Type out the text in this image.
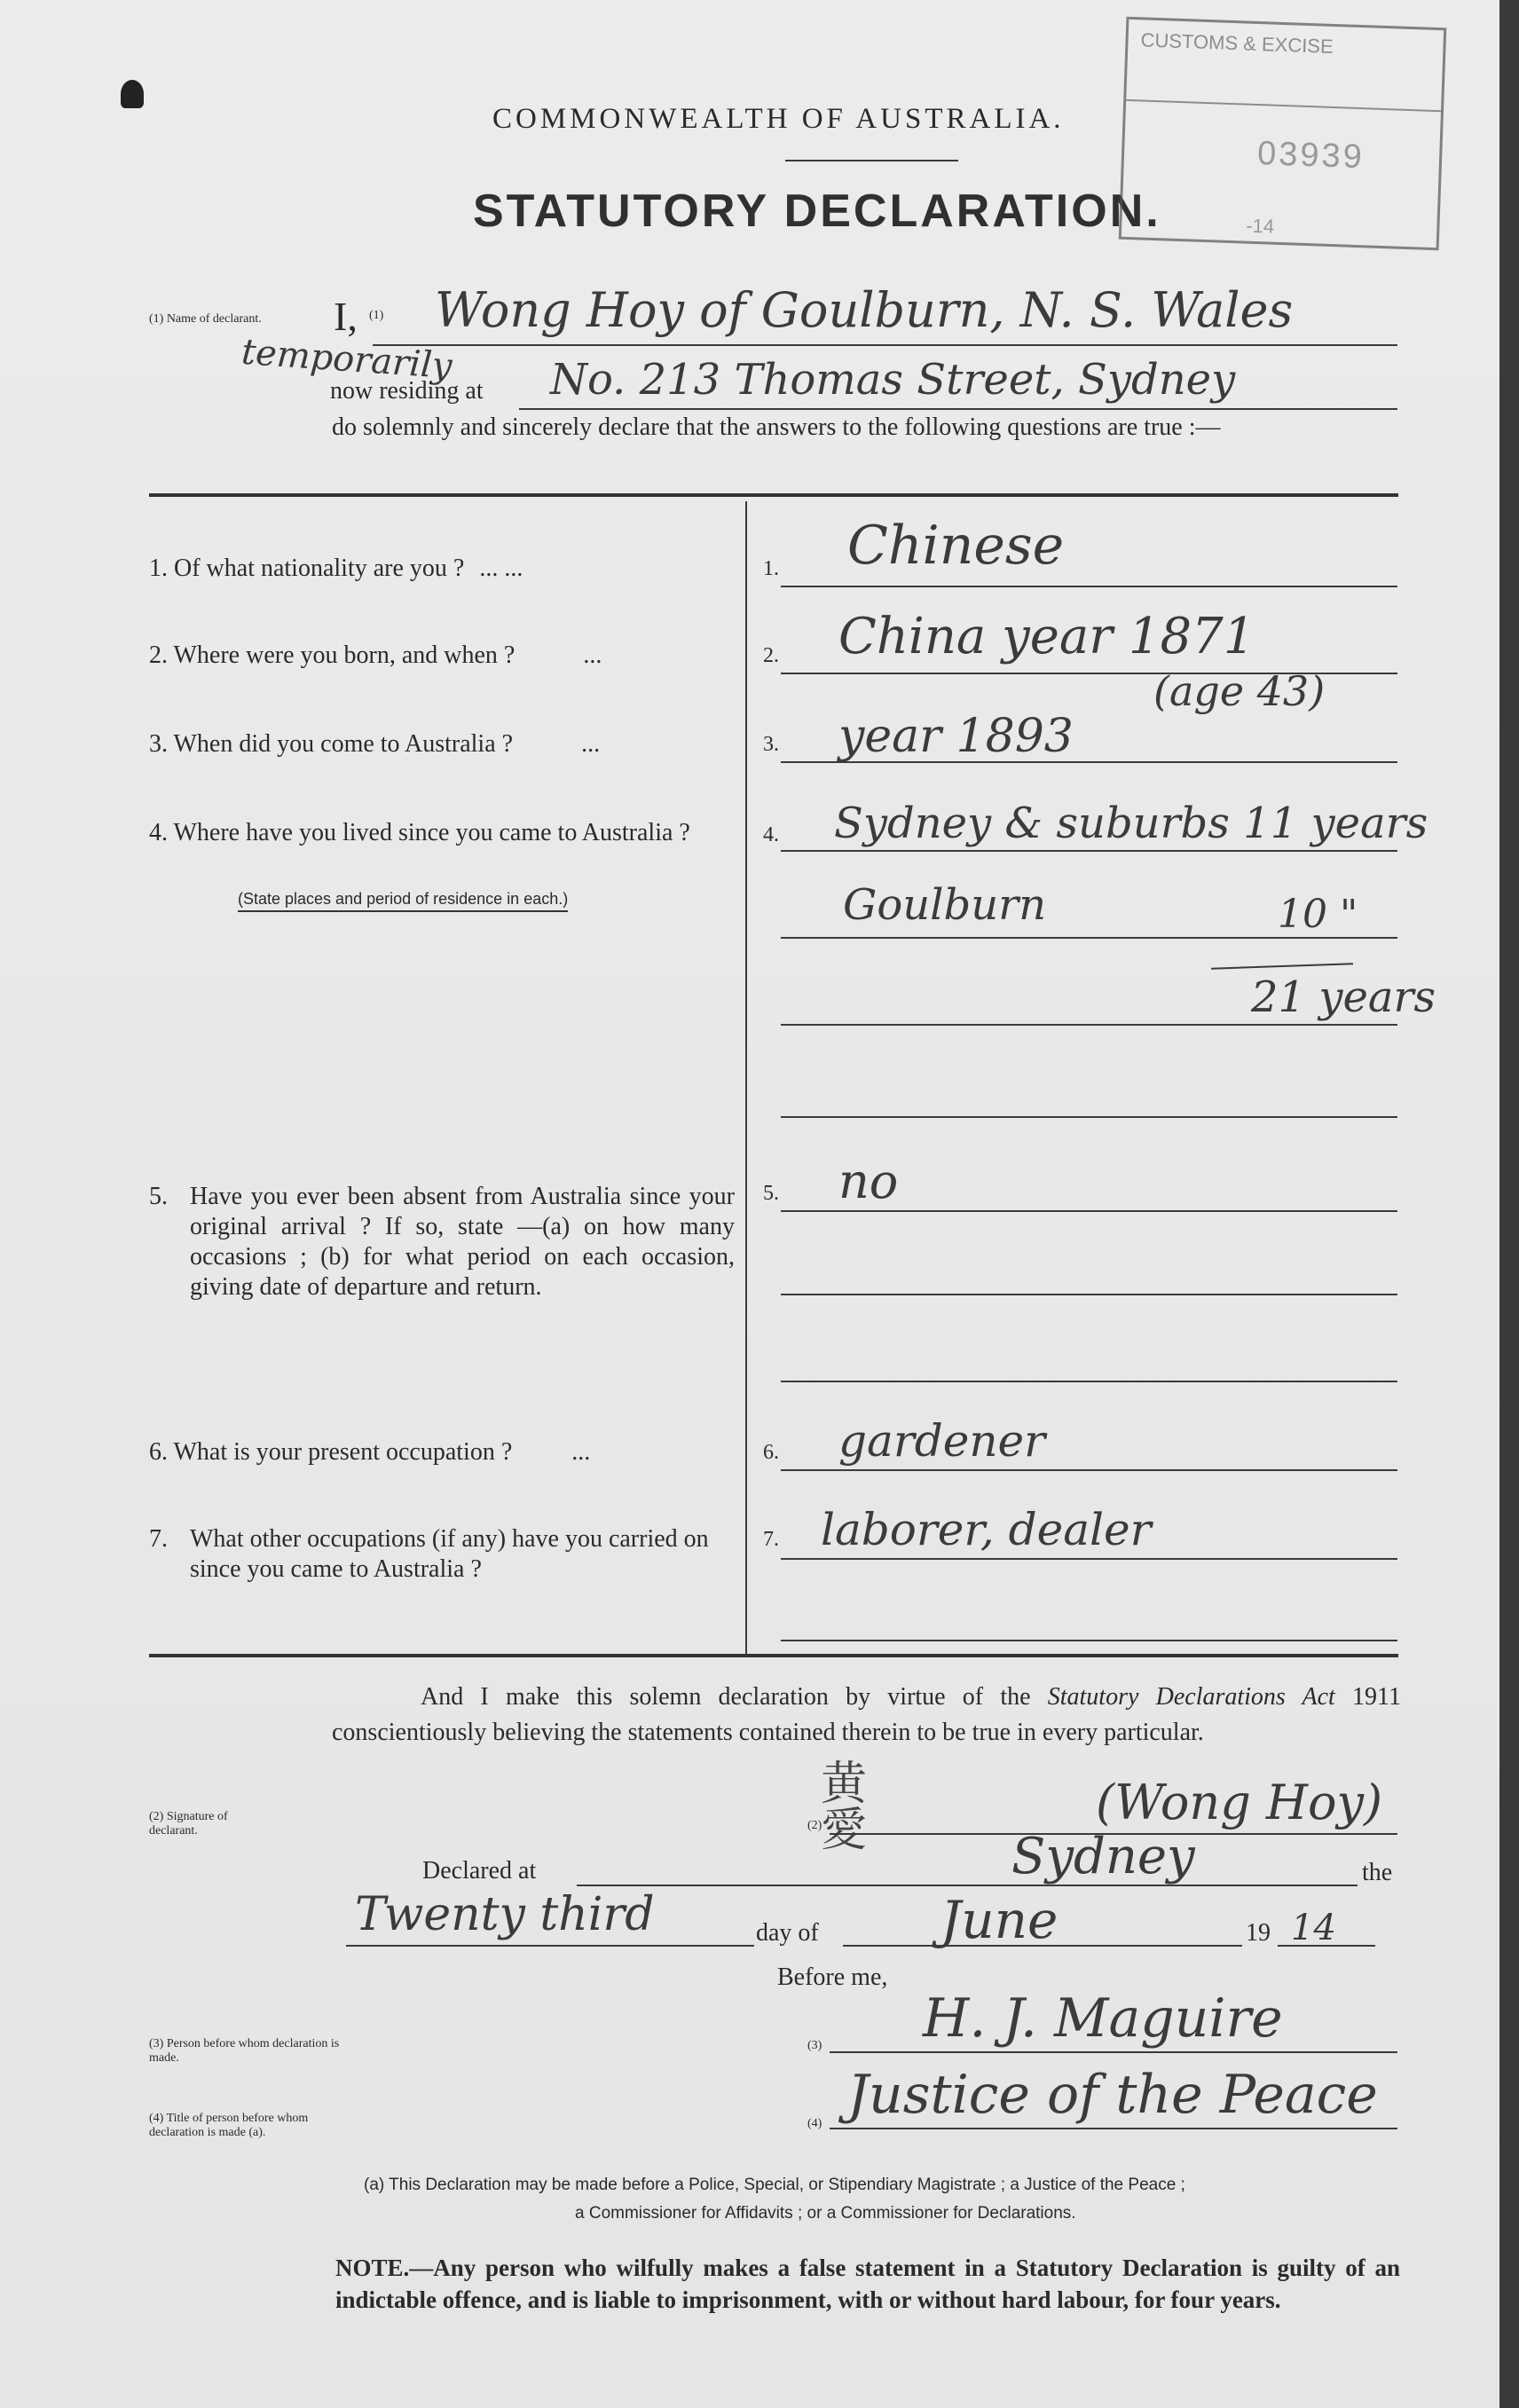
COMMONWEALTH OF AUSTRALIA.
STATUTORY DECLARATION.
CUSTOMS & EXCISE
03939
-14
(1) Name of declarant. I, (1) Wong Hoy of Goulburn, N. S. Wales
temporarily
now residing at No. 213 Thomas Street, Sydney
do solemnly and sincerely declare that the answers to the following questions are true :—
1. Of what nationality are you ? ... ...	1. Chinese
2. Where were you born, and when ?	...	2. China year 1871
(age 43)
3. When did you come to Australia ?	...	3. year 1893
4. Where have you lived since you came to Australia ?
(State places and period of residence in each.)
4. Sydney & suburbs 11 years
Goulburn	10 "
21 years
5. Have you ever been absent from Australia since your original arrival ? If so, state —(a) on how many occasions ; (b) for what period on each occasion, giving date of departure and return.
5. no
6. What is your present occupation ? ...	6. gardener
7. What other occupations (if any) have you carried on since you came to Australia ?
7. laborer, dealer
And I make this solemn declaration by virtue of the Statutory Declarations Act 1911 conscientiously believing the statements contained therein to be true in every particular.
(2) Signature of declarant.	(2)
黄 愛	(Wong Hoy)
Declared at	Sydney	the
Twenty third	day of June	19 14
Before me,
(3) Person before whom declaration is made.
(3) H. J. Maguire
(4) Title of person before whom declaration is made (a).
(4) Justice of the Peace
(a) This Declaration may be made before a Police, Special, or Stipendiary Magistrate ; a Justice of the Peace ;
a Commissioner for Affidavits ; or a Commissioner for Declarations.
NOTE.—Any person who wilfully makes a false statement in a Statutory Declaration is guilty of an indictable offence, and is liable to imprisonment, with or without hard labour, for four years.
